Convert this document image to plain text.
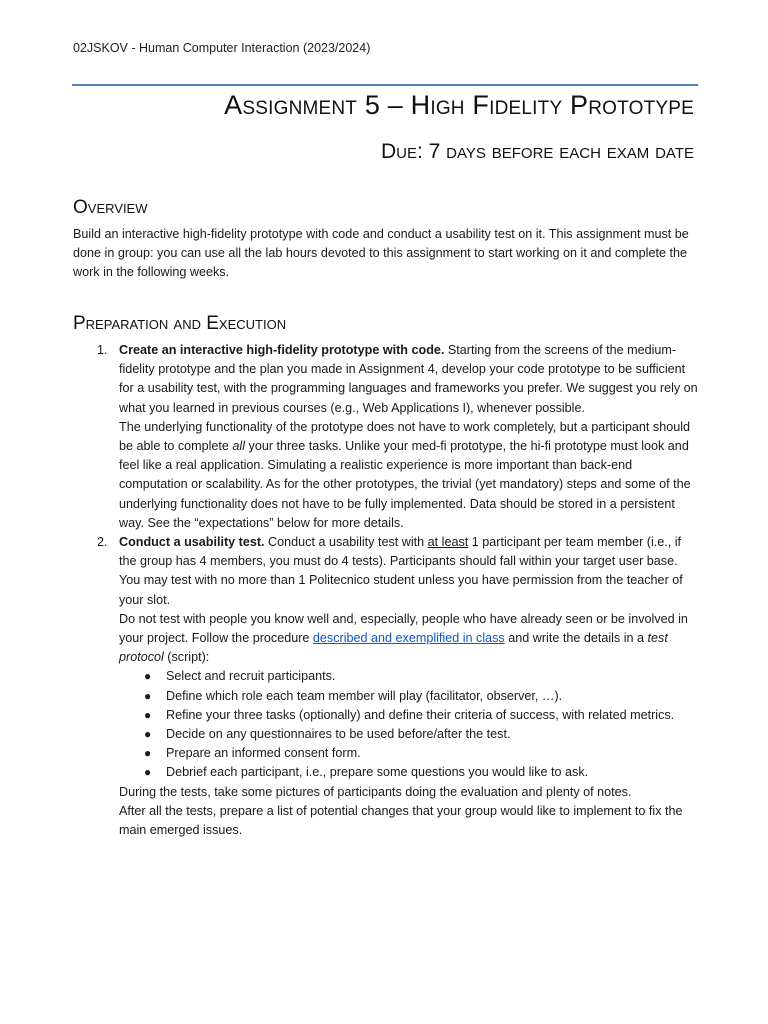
02JSKOV - Human Computer Interaction (2023/2024)
Assignment 5 – High Fidelity Prototype
Due: 7 days before each exam date
Overview

Build an interactive high-fidelity prototype with code and conduct a usability test on it. This assignment must be done in group: you can use all the lab hours devoted to this assignment to start working on it and complete the work in the following weeks.

Preparation and Execution
1. Create an interactive high-fidelity prototype with code. Starting from the screens of the medium-fidelity prototype and the plan you made in Assignment 4, develop your code prototype to be sufficient for a usability test, with the programming languages and frameworks you prefer. We suggest you rely on what you learned in previous courses (e.g., Web Applications I), whenever possible.

The underlying functionality of the prototype does not have to work completely, but a participant should be able to complete all your three tasks. Unlike your med-fi prototype, the hi-fi prototype must look and feel like a real application. Simulating a realistic experience is more important than back-end computation or scalability. As for the other prototypes, the trivial (yet mandatory) steps and some of the underlying functionality does not have to be fully implemented. Data should be stored in a persistent way. See the “expectations” below for more details.

2. Conduct a usability test. Conduct a usability test with at least 1 participant per team member (i.e., if the group has 4 members, you must do 4 tests). Participants should fall within your target user base. You may test with no more than 1 Politecnico student unless you have permission from the teacher of your slot.

Do not test with people you know well and, especially, people who have already seen or be involved in your project. Follow the procedure described and exemplified in class and write the details in a test protocol (script):

● Select and recruit participants.
● Define which role each team member will play (facilitator, observer, …).
● Refine your three tasks (optionally) and define their criteria of success, with related metrics.
● Decide on any questionnaires to be used before/after the test.
● Prepare an informed consent form.
● Debrief each participant, i.e., prepare some questions you would like to ask.

During the tests, take some pictures of participants doing the evaluation and plenty of notes.

After all the tests, prepare a list of potential changes that your group would like to implement to fix the main emerged issues.
